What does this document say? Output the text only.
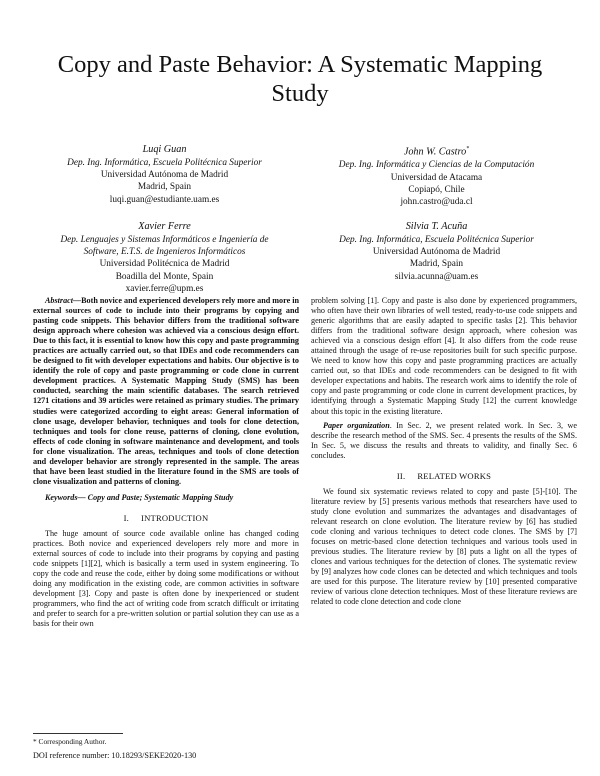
Copy and Paste Behavior: A Systematic Mapping Study
Luqi Guan
Dep. Ing. Informática, Escuela Politécnica Superior
Universidad Autónoma de Madrid
Madrid, Spain
luqi.guan@estudiante.uam.es
John W. Castro*
Dep. Ing. Informática y Ciencias de la Computación
Universidad de Atacama
Copiapó, Chile
john.castro@uda.cl
Xavier Ferre
Dep. Lenguajes y Sistemas Informáticos e Ingeniería de
Software, E.T.S. de Ingenieros Informáticos
Universidad Politécnica de Madrid
Boadilla del Monte, Spain
xavier.ferre@upm.es
Silvia T. Acuña
Dep. Ing. Informática, Escuela Politécnica Superior
Universidad Autónoma de Madrid
Madrid, Spain
silvia.acunna@uam.es

Abstract—Both novice and experienced developers rely more and more in external sources of code to include into their programs by copying and pasting code snippets. This behavior differs from the traditional software design approach where cohesion was achieved via a conscious design effort. Due to this fact, it is essential to know how this copy and paste programming practices are actually carried out, so that IDEs and code recommenders can be designed to fit with developer expectations and habits. Our objective is to identify the role of copy and paste programming or code clone in current development practices. A Systematic Mapping Study (SMS) has been conducted, searching the main scientific databases. The search retrieved 1271 citations and 39 articles were retained as primary studies. The primary studies were categorized according to eight areas: General information of clone usage, developer behavior, techniques and tools for clone detection, techniques and tools for clone reuse, patterns of cloning, clone evolution, effects of code cloning in software maintenance and development, and tools for clone visualization. The areas, techniques and tools of clone detection and developer behavior are strongly represented in the sample. The areas that have been least studied in the literature found in the SMS are tools of clone visualization and patterns of cloning.

Keywords— Copy and Paste; Systematic Mapping Study

I. INTRODUCTION

The huge amount of source code available online has changed coding practices. Both novice and experienced developers rely more and more in external sources of code to include into their programs by copying and pasting code snippets [1][2], which is basically a term used in system engineering. To copy the code and reuse the code, either by doing some modifications or without doing any modification in the existing code, are common activities in software development [3]. Copy and paste is often done by inexperienced or student programmers, who find the act of writing code from scratch difficult or irritating and prefer to search for a pre-written solution or partial solution they can use as a basis for their own

problem solving [1]. Copy and paste is also done by experienced programmers, who often have their own libraries of well tested, ready-to-use code snippets and generic algorithms that are easily adapted to specific tasks [2]. This behavior differs from the traditional software design approach, where cohesion was achieved via a conscious design effort [4]. It also differs from the code reuse attained through the usage of re-use repositories built for such specific purpose. We need to know how this copy and paste programming practices are actually carried out, so that IDEs and code recommenders can be designed to fit with developer expectations and habits. The research work aims to identify the role of copy and paste programming or code clone in current development practices, by identifying through a Systematic Mapping Study [12] the current knowledge about this topic in the existing literature.

Paper organization. In Sec. 2, we present related work. In Sec. 3, we describe the research method of the SMS. Sec. 4 presents the results of the SMS. In Sec. 5, we discuss the results and threats to validity, and finally Sec. 6 concludes.

II. RELATED WORKS

We found six systematic reviews related to copy and paste [5]-[10]. The literature review by [5] presents various methods that researchers have used to study clone evolution and summarizes the advantages and disadvantages of relevant research on clone evolution. The literature review by [6] has studied code cloning and various techniques to detect code clones. The SMS by [7] focuses on metric-based clone detection techniques and various tools used in previous studies. The literature review by [8] puts a light on all the types of clones and various techniques for the detection of clones. The systematic review by [9] analyzes how code clones can be detected and which techniques and tools are used for this purpose. The literature review by [10] presented comparative review of various clone detection techniques. Most of these literature reviews are related to code clone detection and code clone

* Corresponding Author.
DOI reference number: 10.18293/SEKE2020-130
